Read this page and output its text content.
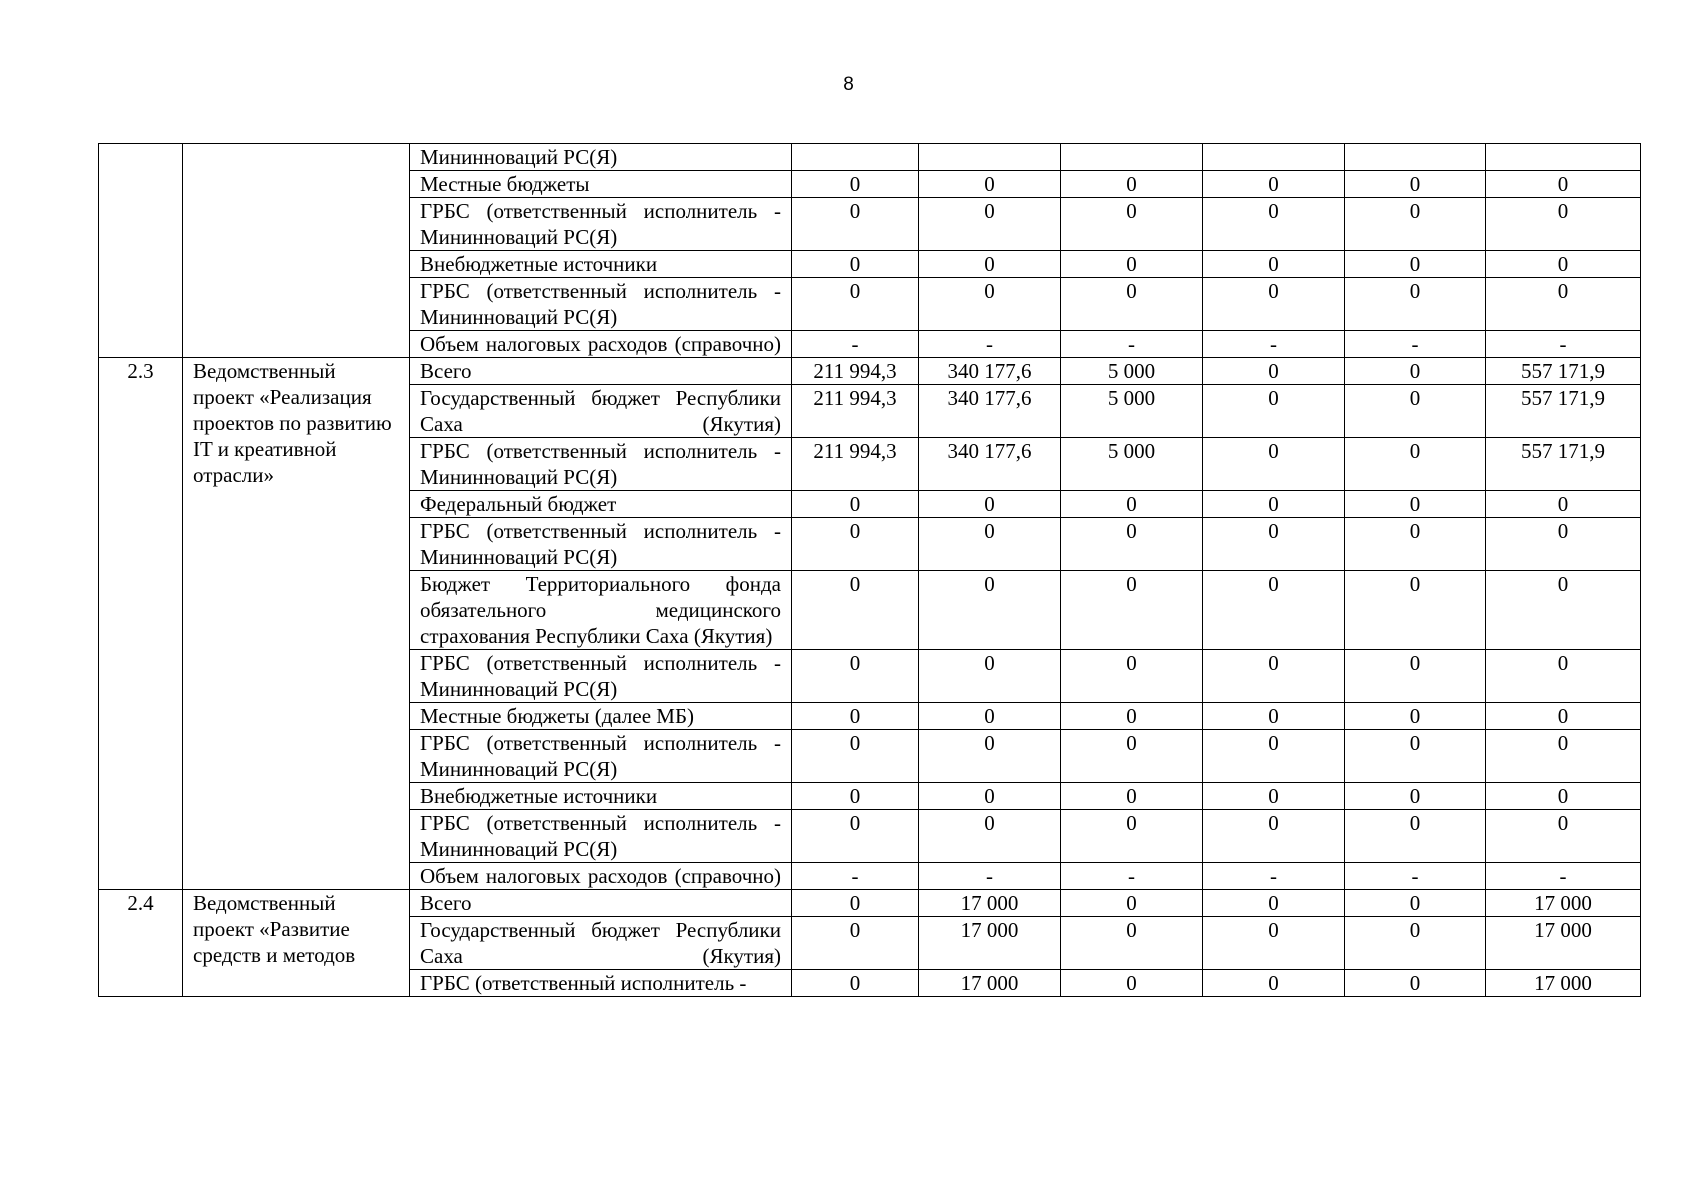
8
		Мининноваций РС(Я)						
		Местные бюджеты	0	0	0	0	0	0
		ГРБС (ответственный исполнитель - Мининноваций РС(Я)	0	0	0	0	0	0
		Внебюджетные источники	0	0	0	0	0	0
		ГРБС (ответственный исполнитель - Мининноваций РС(Я)	0	0	0	0	0	0
		Объем налоговых расходов (справочно)	-	-	-	-	-	-
2.3	Ведомственный проект «Реализация проектов по развитию IT и креативной отрасли»	Всего	211 994,3	340 177,6	5 000	0	0	557 171,9
		Государственный бюджет Республики Саха (Якутия)	211 994,3	340 177,6	5 000	0	0	557 171,9
		ГРБС (ответственный исполнитель - Мининноваций РС(Я)	211 994,3	340 177,6	5 000	0	0	557 171,9
		Федеральный бюджет	0	0	0	0	0	0
		ГРБС (ответственный исполнитель - Мининноваций РС(Я)	0	0	0	0	0	0
		Бюджет Территориального фонда обязательного медицинского страхования Республики Саха (Якутия)	0	0	0	0	0	0
		ГРБС (ответственный исполнитель - Мининноваций РС(Я)	0	0	0	0	0	0
		Местные бюджеты (далее МБ)	0	0	0	0	0	0
		ГРБС (ответственный исполнитель - Мининноваций РС(Я)	0	0	0	0	0	0
		Внебюджетные источники	0	0	0	0	0	0
		ГРБС (ответственный исполнитель - Мининноваций РС(Я)	0	0	0	0	0	0
		Объем налоговых расходов (справочно)	-	-	-	-	-	-
2.4	Ведомственный проект «Развитие средств и методов	Всего	0	17 000	0	0	0	17 000
		Государственный бюджет Республики Саха (Якутия)	0	17 000	0	0	0	17 000
		ГРБС (ответственный исполнитель -	0	17 000	0	0	0	17 000
